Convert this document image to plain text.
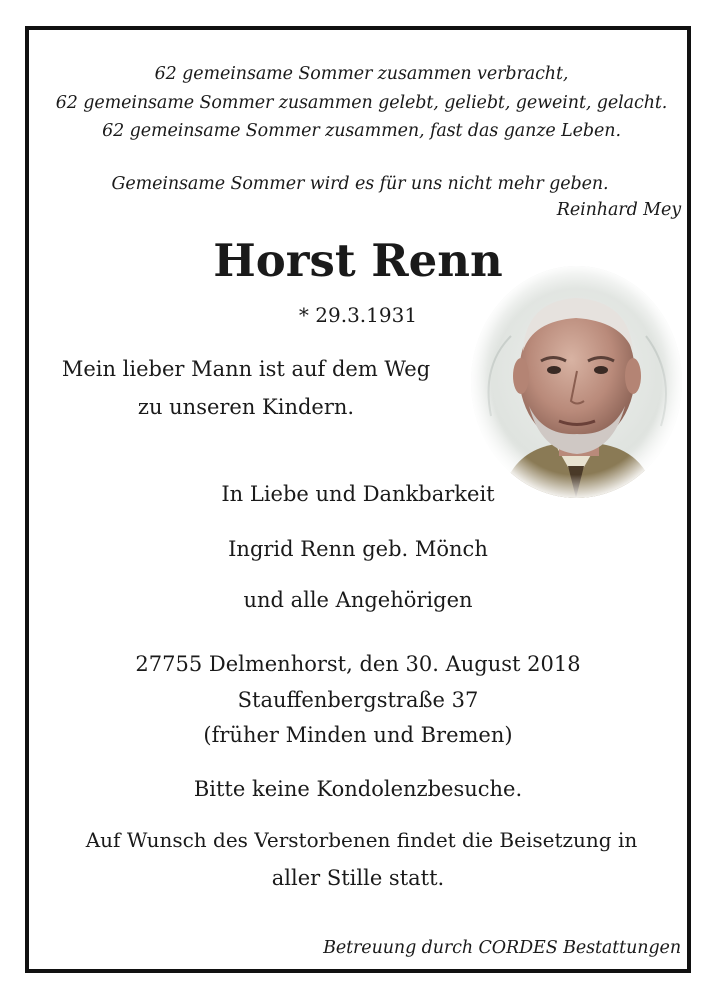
62 gemeinsame Sommer zusammen verbracht,
62 gemeinsame Sommer zusammen gelebt, geliebt, geweint, gelacht.
62 gemeinsame Sommer zusammen, fast das ganze Leben.
Gemeinsame Sommer wird es für uns nicht mehr geben.
Reinhard Mey
Horst Renn
* 29.3.1931
Mein lieber Mann ist auf dem Weg
zu unseren Kindern.
In Liebe und Dankbarkeit
Ingrid Renn geb. Mönch
und alle Angehörigen
27755 Delmenhorst, den 30. August 2018
Stauffenbergstraße 37
(früher Minden und Bremen)
Bitte keine Kondolenzbesuche.
Auf Wunsch des Verstorbenen findet die Beisetzung in
aller Stille statt.
Betreuung durch CORDES Bestattungen
